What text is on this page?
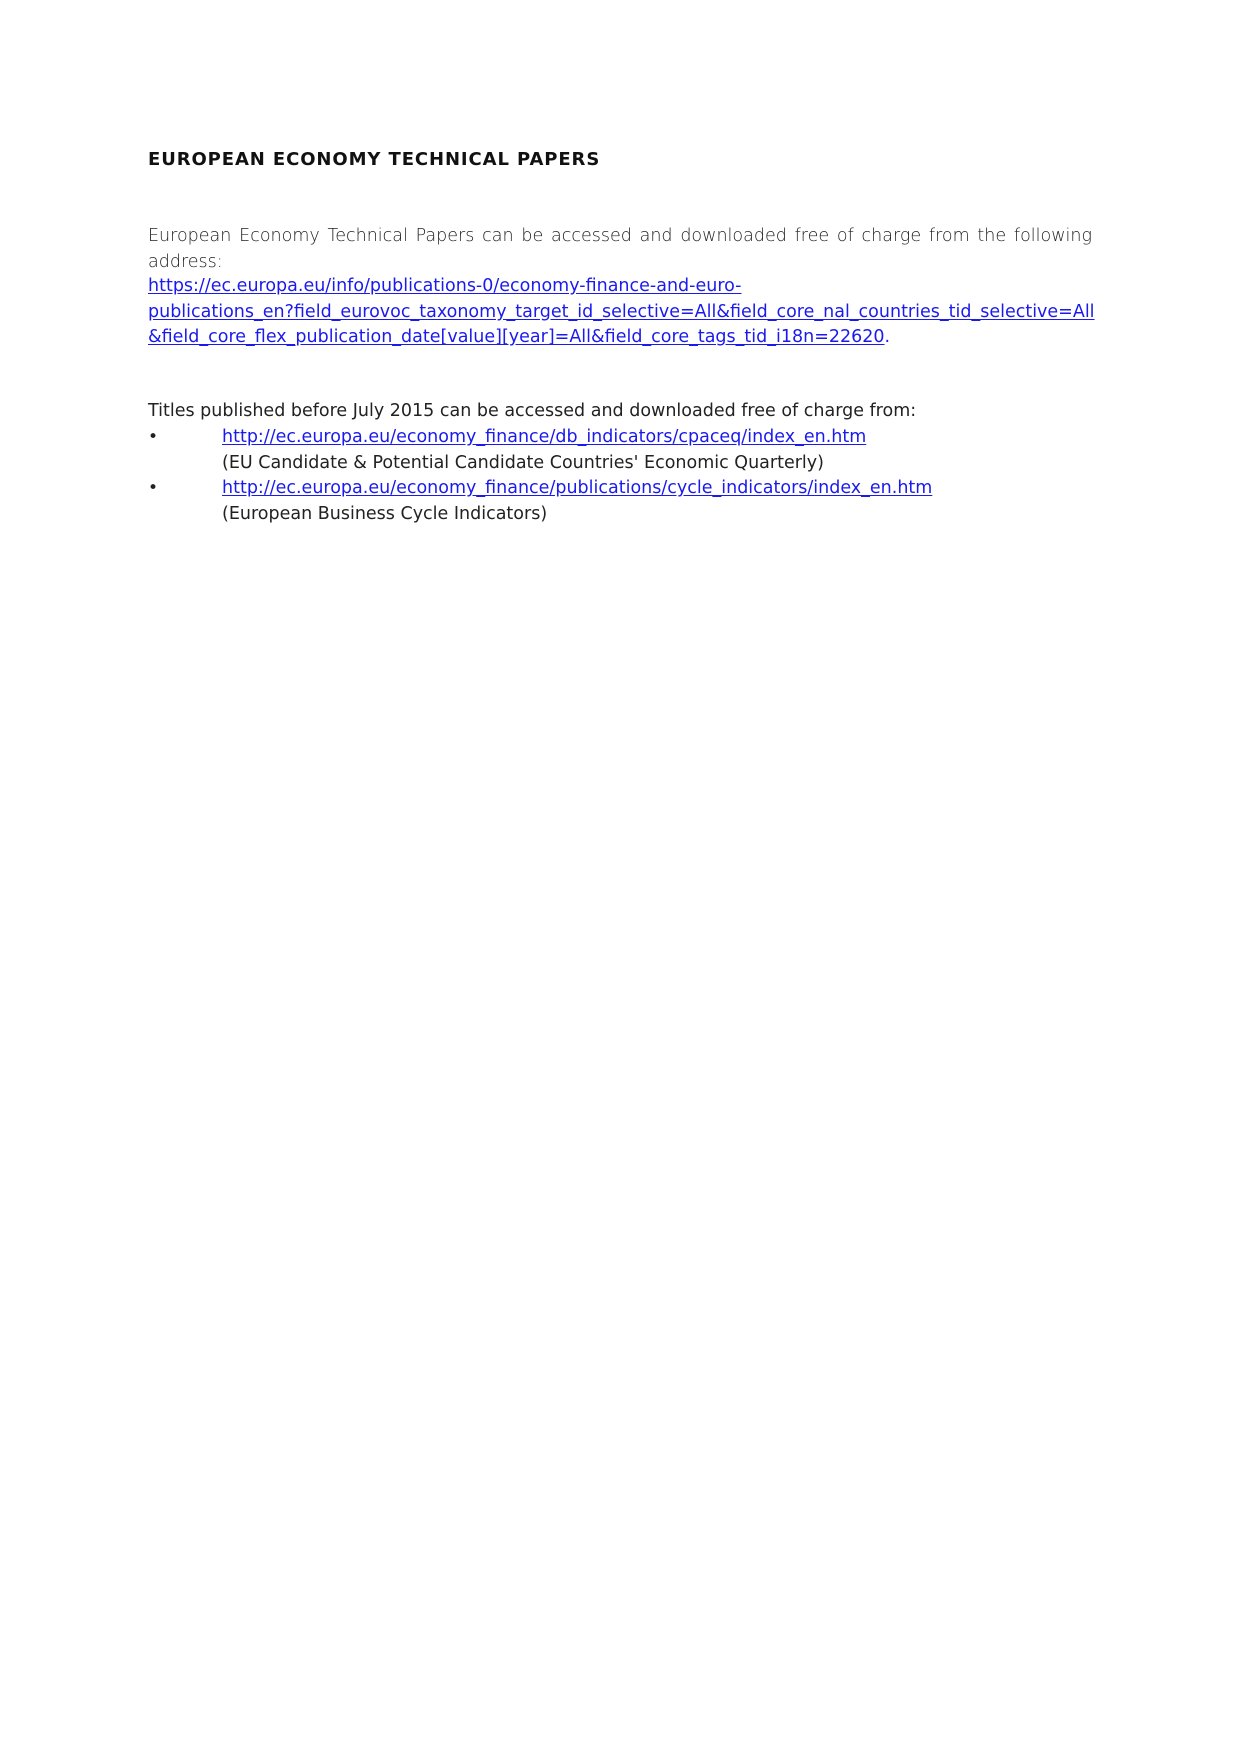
EUROPEAN ECONOMY TECHNICAL PAPERS

European Economy Technical Papers can be accessed and downloaded free of charge from the following address:

https://ec.europa.eu/info/publications-0/economy-finance-and-euro-
publications_en?field_eurovoc_taxonomy_target_id_selective=All&field_core_nal_countries_tid_selective=All
&field_core_flex_publication_date[value][year]=All&field_core_tags_tid_i18n=22620.

Titles published before July 2015 can be accessed and downloaded free of charge from:

•	http://ec.europa.eu/economy_finance/db_indicators/cpaceq/index_en.htm
(EU Candidate & Potential Candidate Countries' Economic Quarterly)
•	http://ec.europa.eu/economy_finance/publications/cycle_indicators/index_en.htm
(European Business Cycle Indicators)
